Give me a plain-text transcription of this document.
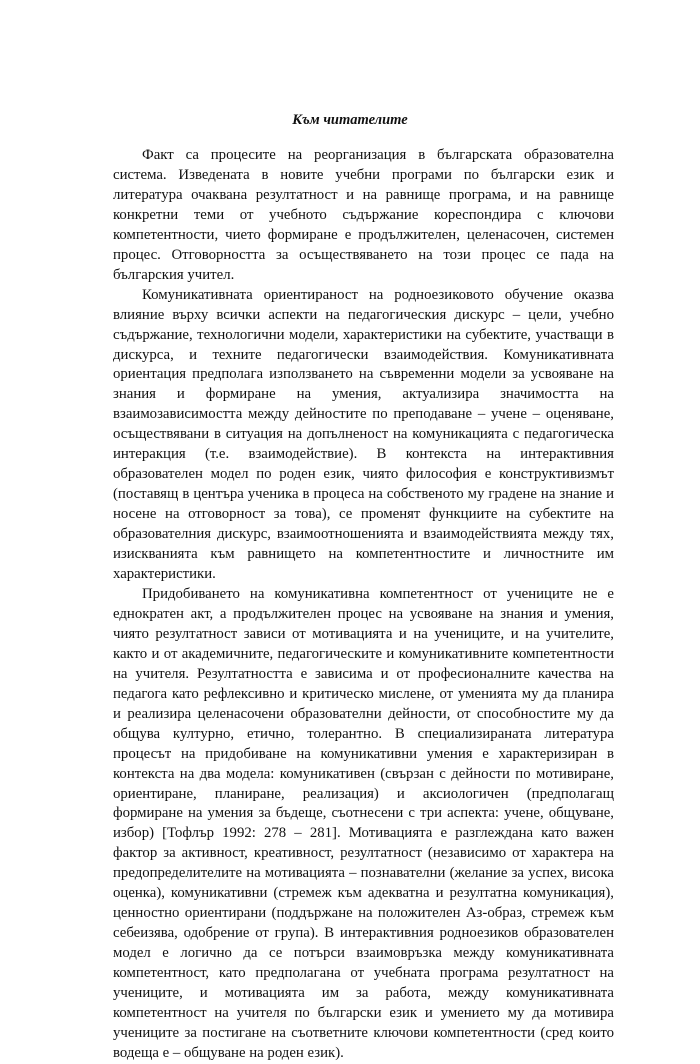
Към читателите

Факт са процесите на реорганизация в българската образователна система. Изведената в новите учебни програми по български език и литература очаквана резултатност и на равнище програма, и на равнище конкретни теми от учебното съдържание кореспондира с ключови компетентности, чието формиране е продължителен, целенасочен, системен процес. Отговорността за осъществяването на този процес се пада на българския учител.

Комуникативната ориентираност на родноезиковото обучение оказва влияние върху всички аспекти на педагогическия дискурс – цели, учебно съдържание, технологични модели, характеристики на субектите, участващи в дискурса, и техните педагогически взаимодействия. Комуникативната ориентация предполага използването на съвременни модели за усвояване на знания и формиране на умения, актуализира значимостта на взаимозависимостта между дейностите по преподаване – учене – оценяване, осъществявани в ситуация на допълненост на комуникацията с педагогическа интеракция (т.е. взаимодействие). В контекста на интерактивния образователен модел по роден език, чиято философия е конструктивизмът (поставящ в центъра ученика в процеса на собственото му градене на знание и носене на отговорност за това), се променят функциите на субектите на образователния дискурс, взаимоотношенията и взаимодействията между тях, изискванията към равнището на компетентностите и личностните им характеристики.

Придобиването на комуникативна компетентност от учениците не е еднократен акт, а продължителен процес на усвояване на знания и умения, чиято резултатност зависи от мотивацията и на учениците, и на учителите, както и от академичните, педагогическите и комуникативните компетентности на учителя. Резултатността е зависима и от професионалните качества на педагога като рефлексивно и критическо мислене, от уменията му да планира и реализира целенасочени образователни дейности, от способностите му да общува културно, етично, толерантно. В специализираната литература процесът на придобиване на комуникативни умения е характеризиран в контекста на два модела: комуникативен (свързан с дейности по мотивиране, ориентиране, планиране, реализация) и аксиологичен (предполагащ формиране на умения за бъдеще, съотнесени с три аспекта: учене, общуване, избор) [Тофлър 1992: 278 – 281]. Мотивацията е разглеждана като важен фактор за активност, креативност, резултатност (независимо от характера на предопределителите на мотивацията – познавателни (желание за успех, висока оценка), комуникативни (стремеж към адекватна и резултатна комуникация), ценностно ориентирани (поддържане на положителен Аз-образ, стремеж към себеизява, одобрение от група). В интерактивния родноезиков образователен модел е логично да се потърси взаимовръзка между комуникативната компетентност, като предполагана от учебната програма резултатност на учениците, и мотивацията им за работа, между комуникативната компетентност на учителя по български език и умението му да мотивира учениците за постигане на съответните ключови компетентности (сред които водеща е – общуване на роден език).
